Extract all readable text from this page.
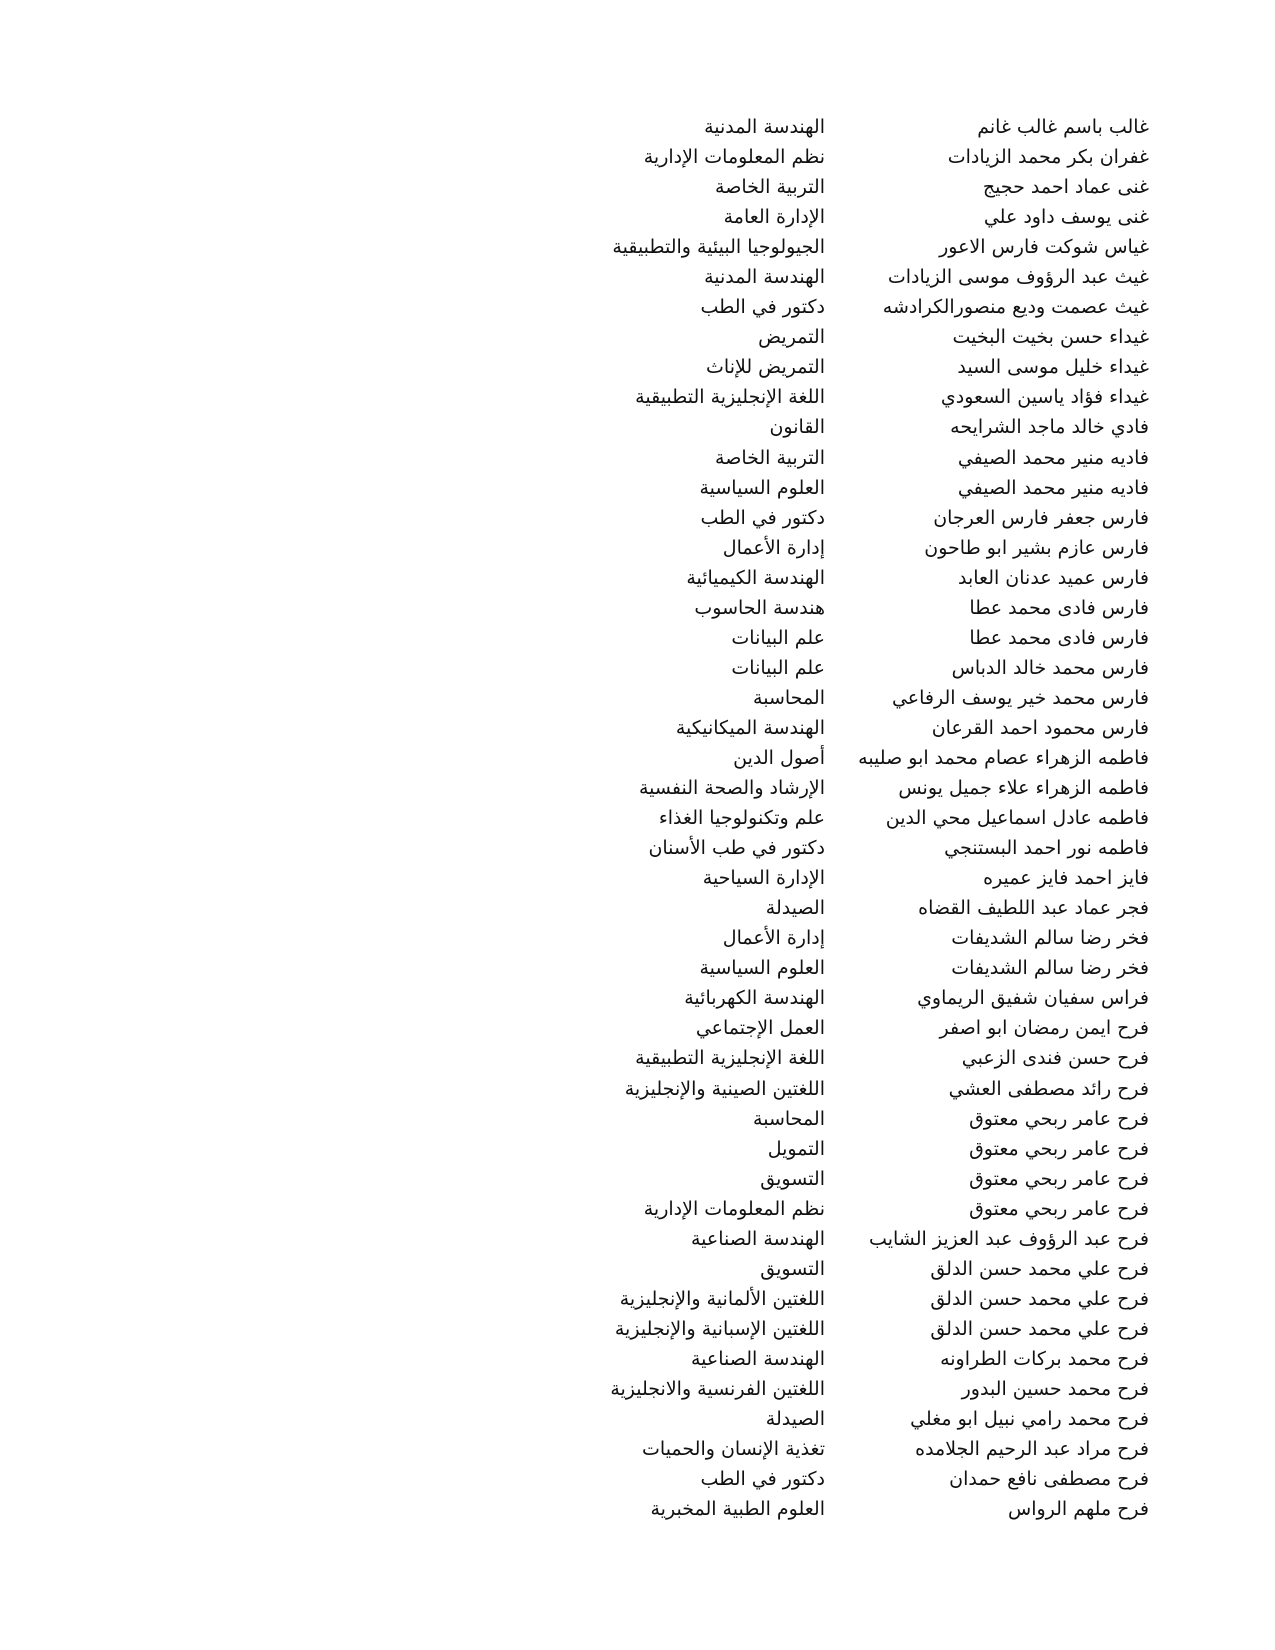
غالب باسم غالب غانم
الهندسة المدنية
غفران بكر محمد الزيادات
نظم المعلومات الإدارية
غنى عماد احمد حجيج
التربية الخاصة
غنى يوسف داود علي
الإدارة العامة
غياس شوكت فارس الاعور
الجيولوجيا البيئية والتطبيقية
غيث عبد الرؤوف موسى الزيادات
الهندسة المدنية
غيث عصمت وديع منصورالكرادشه
دكتور في الطب
غيداء حسن بخيت البخيت
التمريض
غيداء خليل موسى السيد
التمريض للإناث
غيداء فؤاد ياسين السعودي
اللغة الإنجليزية التطبيقية
فادي خالد ماجد الشرايحه
القانون
فاديه منير محمد الصيفي
التربية الخاصة
فاديه منير محمد الصيفي
العلوم السياسية
فارس جعفر فارس العرجان
دكتور في الطب
فارس عازم بشير ابو طاحون
إدارة الأعمال
فارس عميد عدنان العابد
الهندسة الكيميائية
فارس فادى محمد عطا
هندسة الحاسوب
فارس فادى محمد عطا
علم البيانات
فارس محمد خالد الدباس
علم البيانات
فارس محمد خير يوسف الرفاعي
المحاسبة
فارس محمود احمد القرعان
الهندسة الميكانيكية
فاطمه الزهراء عصام محمد ابو صليبه
أصول الدين
فاطمه الزهراء علاء جميل يونس
الإرشاد والصحة النفسية
فاطمه عادل اسماعيل محي الدين
علم وتكنولوجيا الغذاء
فاطمه نور احمد البستنجي
دكتور في طب الأسنان
فايز احمد فايز عميره
الإدارة السياحية
فجر عماد عبد اللطيف القضاه
الصيدلة
فخر رضا سالم الشديفات
إدارة الأعمال
فخر رضا سالم الشديفات
العلوم السياسية
فراس سفيان شفيق الريماوي
الهندسة الكهربائية
فرح ايمن رمضان ابو اصفر
العمل الإجتماعي
فرح حسن فندى الزعبي
اللغة الإنجليزية التطبيقية
فرح رائد مصطفى العشي
اللغتين الصينية والإنجليزية
فرح عامر ربحي معتوق
المحاسبة
فرح عامر ربحي معتوق
التمويل
فرح عامر ربحي معتوق
التسويق
فرح عامر ربحي معتوق
نظم المعلومات الإدارية
فرح عبد الرؤوف عبد العزيز الشايب
الهندسة الصناعية
فرح علي محمد حسن الدلق
التسويق
فرح علي محمد حسن الدلق
اللغتين الألمانية والإنجليزية
فرح علي محمد حسن الدلق
اللغتين الإسبانية والإنجليزية
فرح محمد بركات الطراونه
الهندسة الصناعية
فرح محمد حسين البدور
اللغتين الفرنسية والانجليزية
فرح محمد رامي نبيل ابو مغلي
الصيدلة
فرح مراد عبد الرحيم الجلامده
تغذية الإنسان والحميات
فرح مصطفى نافع حمدان
دكتور في الطب
فرح ملهم الرواس
العلوم الطبية المخبرية
